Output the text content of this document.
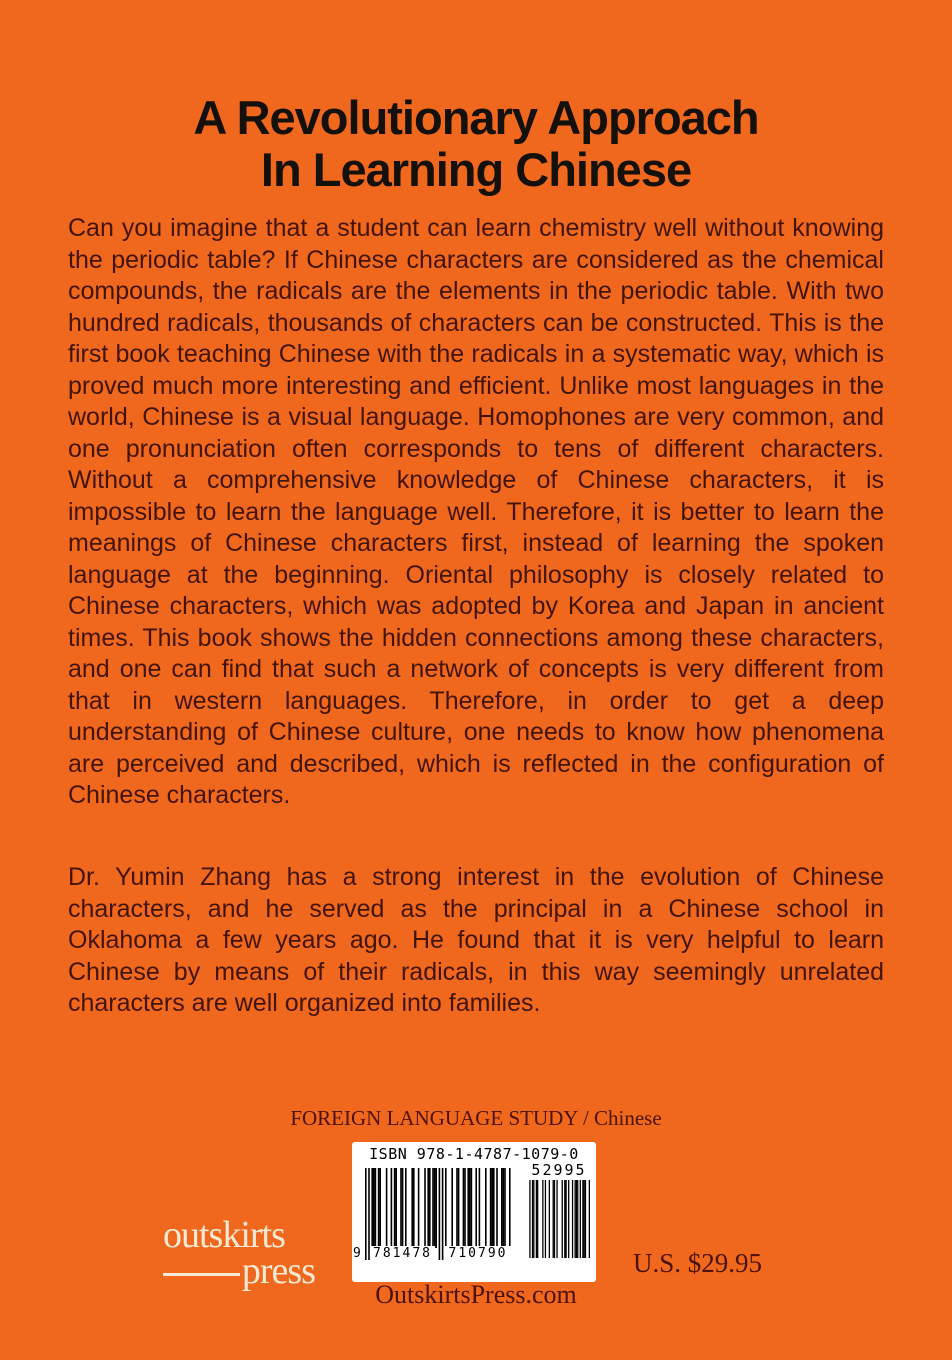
A Revolutionary Approach
In Learning Chinese

Can you imagine that a student can learn chemistry well without knowing the periodic table? If Chinese characters are considered as the chemical compounds, the radicals are the elements in the periodic table. With two hundred radicals, thousands of characters can be constructed. This is the first book teaching Chinese with the radicals in a systematic way, which is proved much more interesting and efficient. Unlike most languages in the world, Chinese is a visual language. Homophones are very common, and one pronunciation often corresponds to tens of different characters. Without a comprehensive knowledge of Chinese characters, it is impossible to learn the language well. Therefore, it is better to learn the meanings of Chinese characters first, instead of learning the spoken language at the beginning. Oriental philosophy is closely related to Chinese characters, which was adopted by Korea and Japan in ancient times. This book shows the hidden connections among these characters, and one can find that such a network of concepts is very different from that in western languages. Therefore, in order to get a deep understanding of Chinese culture, one needs to know how phenomena are perceived and described, which is reflected in the configuration of Chinese characters.

Dr. Yumin Zhang has a strong interest in the evolution of Chinese characters, and he served as the principal in a Chinese school in Oklahoma a few years ago. He found that it is very helpful to learn Chinese by means of their radicals, in this way seemingly unrelated characters are well organized into families.

FOREIGN LANGUAGE STUDY / Chinese
ISBN 978-1-4787-1079-0
52995
9 781478 710790
outskirts
press	U.S. $29.95
OutskirtsPress.com
